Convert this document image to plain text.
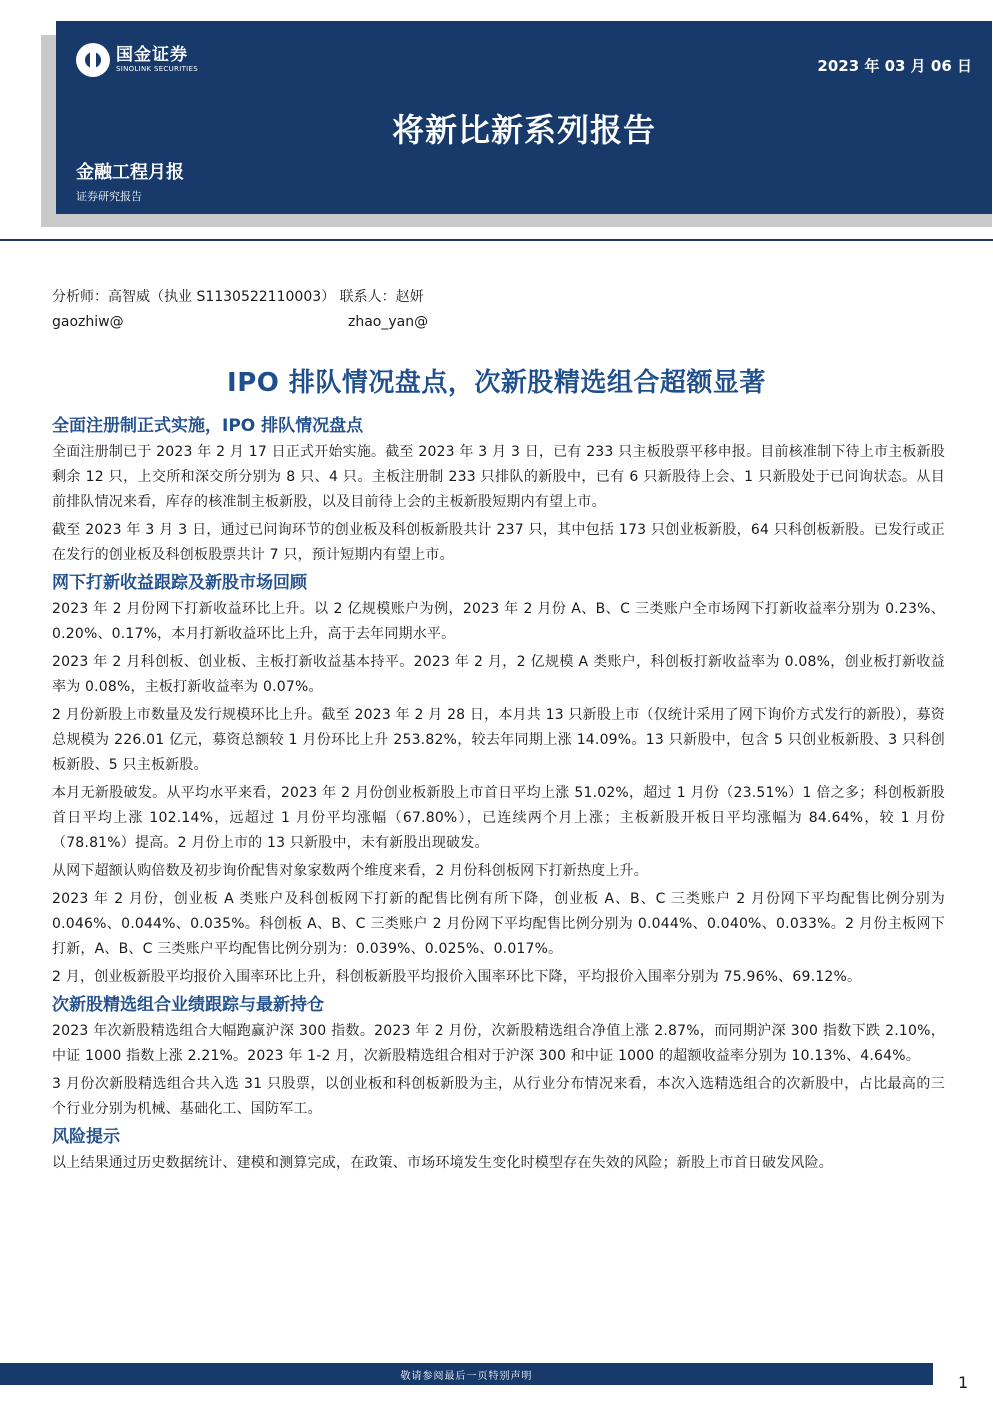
国金证券
SINOLINK SECURITIES	2023 年 03 月 06 日
将新比新系列报告
金融工程月报
证券研究报告
分析师：高智威（执业 S1130522110003） 联系人：赵妍
gaozhiw@	zhao_yan@
IPO 排队情况盘点，次新股精选组合超额显著
全面注册制正式实施，IPO 排队情况盘点

全面注册制已于 2023 年 2 月 17 日正式开始实施。截至 2023 年 3 月 3 日，已有 233 只主板股票平移申报。目前核准制下待上市主板新股剩余 12 只，上交所和深交所分别为 8 只、4 只。主板注册制 233 只排队的新股中，已有 6 只新股待上会、1 只新股处于已问询状态。从目前排队情况来看，库存的核准制主板新股，以及目前待上会的主板新股短期内有望上市。

截至 2023 年 3 月 3 日，通过已问询环节的创业板及科创板新股共计 237 只，其中包括 173 只创业板新股，64 只科创板新股。已发行或正在发行的创业板及科创板股票共计 7 只，预计短期内有望上市。

网下打新收益跟踪及新股市场回顾

2023 年 2 月份网下打新收益环比上升。以 2 亿规模账户为例，2023 年 2 月份 A、B、C 三类账户全市场网下打新收益率分别为 0.23%、0.20%、0.17%，本月打新收益环比上升，高于去年同期水平。

2023 年 2 月科创板、创业板、主板打新收益基本持平。2023 年 2 月，2 亿规模 A 类账户，科创板打新收益率为 0.08%，创业板打新收益率为 0.08%，主板打新收益率为 0.07%。

2 月份新股上市数量及发行规模环比上升。截至 2023 年 2 月 28 日，本月共 13 只新股上市（仅统计采用了网下询价方式发行的新股），募资总规模为 226.01 亿元，募资总额较 1 月份环比上升 253.82%，较去年同期上涨 14.09%。13 只新股中，包含 5 只创业板新股、3 只科创板新股、5 只主板新股。

本月无新股破发。从平均水平来看，2023 年 2 月份创业板新股上市首日平均上涨 51.02%，超过 1 月份（23.51%）1 倍之多；科创板新股首日平均上涨 102.14%，远超过 1 月份平均涨幅（67.80%），已连续两个月上涨；主板新股开板日平均涨幅为 84.64%，较 1 月份（78.81%）提高。2 月份上市的 13 只新股中，未有新股出现破发。

从网下超额认购倍数及初步询价配售对象家数两个维度来看，2 月份科创板网下打新热度上升。

2023 年 2 月份，创业板 A 类账户及科创板网下打新的配售比例有所下降，创业板 A、B、C 三类账户 2 月份网下平均配售比例分别为 0.046%、0.044%、0.035%。科创板 A、B、C 三类账户 2 月份网下平均配售比例分别为 0.044%、0.040%、0.033%。2 月份主板网下打新，A、B、C 三类账户平均配售比例分别为：0.039%、0.025%、0.017%。

2 月，创业板新股平均报价入围率环比上升，科创板新股平均报价入围率环比下降，平均报价入围率分别为 75.96%、69.12%。

次新股精选组合业绩跟踪与最新持仓

2023 年次新股精选组合大幅跑赢沪深 300 指数。2023 年 2 月份，次新股精选组合净值上涨 2.87%，而同期沪深 300 指数下跌 2.10%，中证 1000 指数上涨 2.21%。2023 年 1-2 月，次新股精选组合相对于沪深 300 和中证 1000 的超额收益率分别为 10.13%、4.64%。

3 月份次新股精选组合共入选 31 只股票，以创业板和科创板新股为主，从行业分布情况来看，本次入选精选组合的次新股中，占比最高的三个行业分别为机械、基础化工、国防军工。

风险提示

以上结果通过历史数据统计、建模和测算完成，在政策、市场环境发生变化时模型存在失效的风险；新股上市首日破发风险。

敬请参阅最后一页特别声明	1
